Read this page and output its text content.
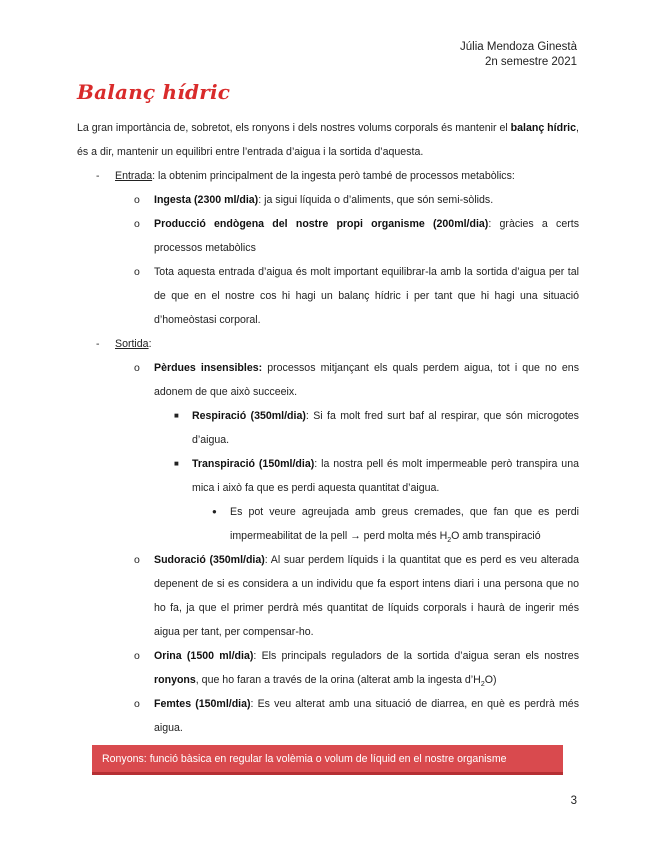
Júlia Mendoza Ginestà
2n semestre 2021
Balanç hídric

La gran importància de, sobretot, els ronyons i dels nostres volums corporals és mantenir el balanç hídric, és a dir, mantenir un equilibri entre l’entrada d’aigua i la sortida d’aquesta.

- Entrada: la obtenim principalment de la ingesta però també de processos metabòlics:
o Ingesta (2300 ml/dia): ja sigui líquida o d’aliments, que són semi-sòlids.
o Producció endògena del nostre propi organisme (200ml/dia): gràcies a certs processos metabòlics
o Tota aquesta entrada d’aigua és molt important equilibrar-la amb la sortida d’aigua per tal de que en el nostre cos hi hagi un balanç hídric i per tant que hi hagi una situació d’homeòstasi corporal.
- Sortida:
o Pèrdues insensibles: processos mitjançant els quals perdem aigua, tot i que no ens adonem de que això succeeix.
■ Respiració (350ml/dia): Si fa molt fred surt baf al respirar, que són microgotes d’aigua.
■ Transpiració (150ml/dia): la nostra pell és molt impermeable però transpira una mica i això fa que es perdi aquesta quantitat d’aigua.
● Es pot veure agreujada amb greus cremades, que fan que es perdi impermeabilitat de la pell → perd molta més $H_2O$ amb transpiració
o Sudoració (350ml/dia): Al suar perdem líquids i la quantitat que es perd es veu alterada depenent de si es considera a un individu que fa esport intens diari i una persona que no ho fa, ja que el primer perdrà més quantitat de líquids corporals i haurà de ingerir més aigua per tant, per compensar-ho.
o Orina (1500 ml/dia): Els principals reguladors de la sortida d’aigua seran els nostres ronyons, que ho faran a través de la orina (alterat amb la ingesta $d’H_2O$)
o Femtes (150ml/dia): Es veu alterat amb una situació de diarrea, en què es perdrà més aigua.
Ronyons: funció bàsica en regular la volèmia o volum de líquid en el nostre organisme
3
